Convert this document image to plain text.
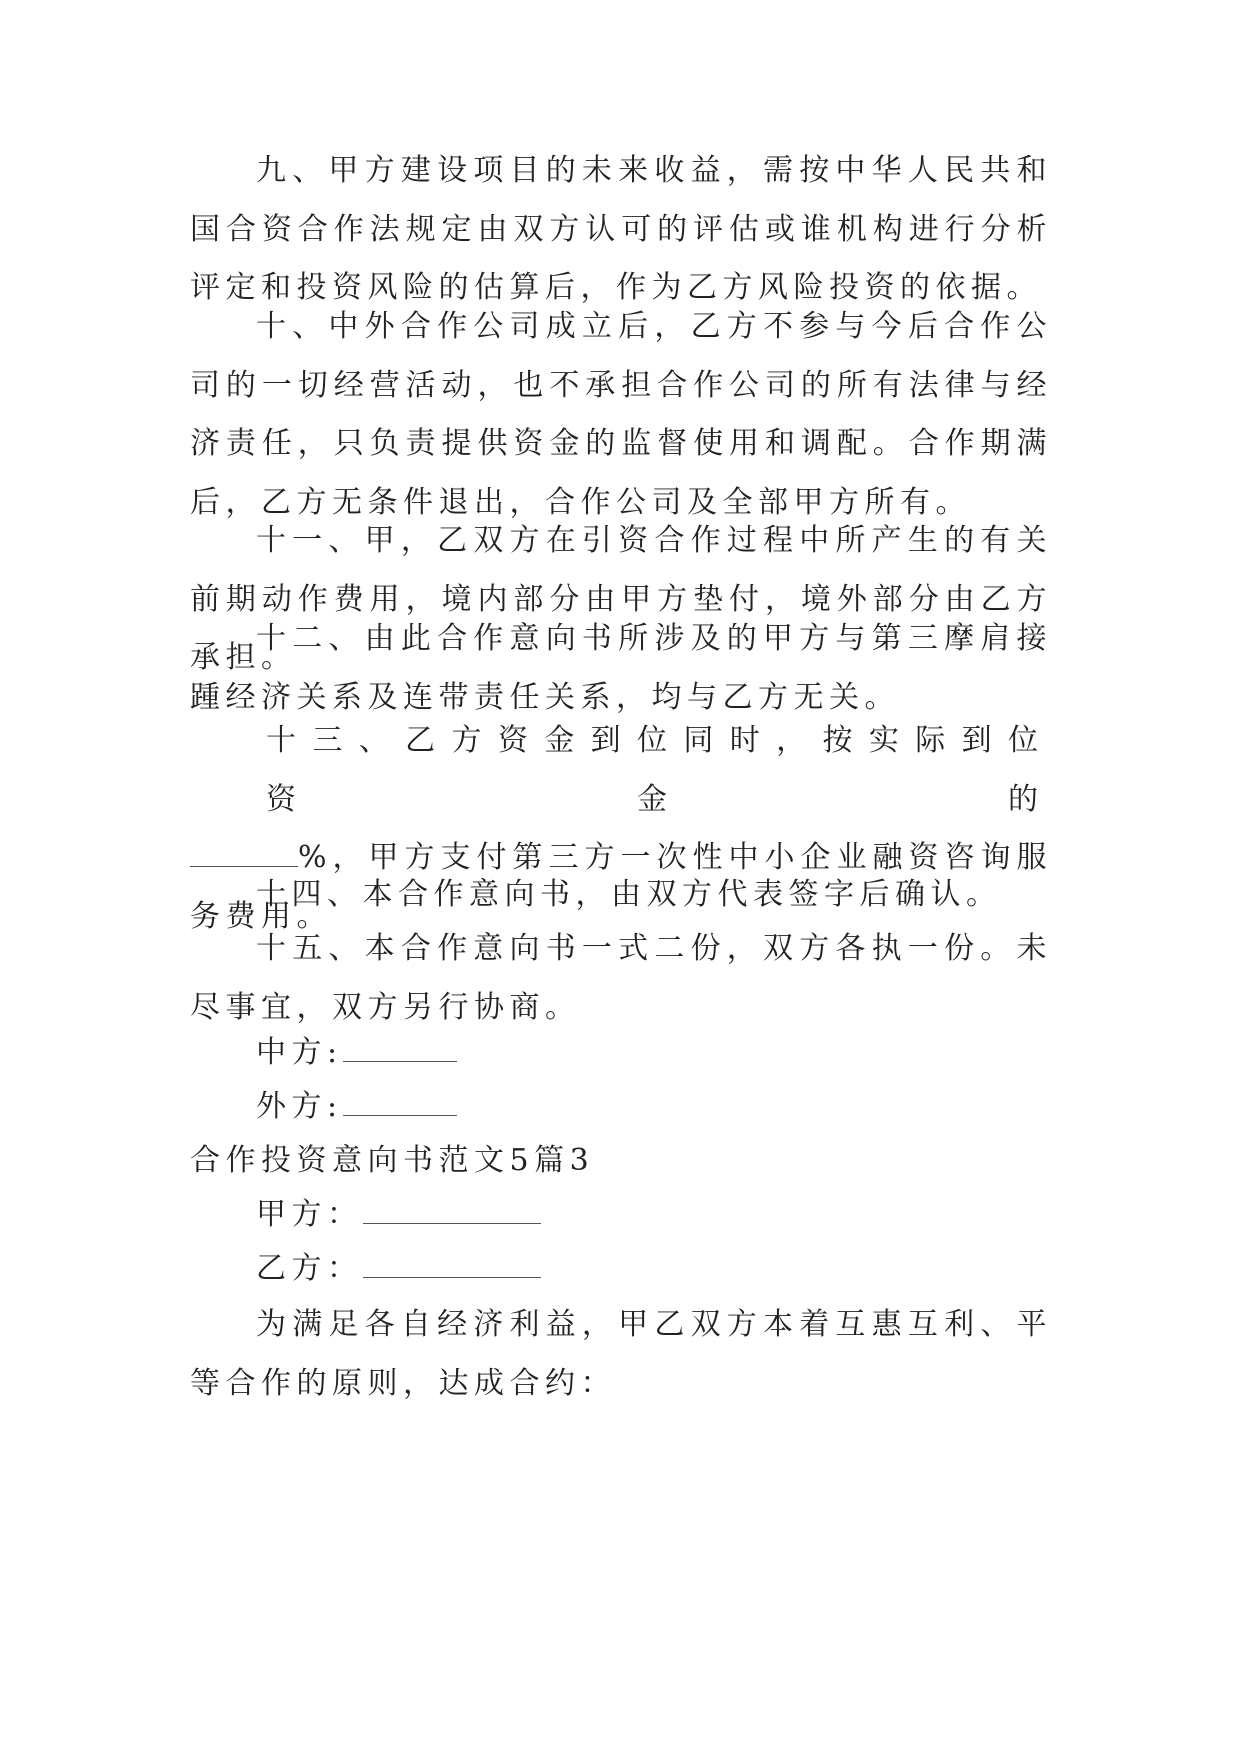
九、甲方建设项目的未来收益，需按中华人民共和国合资合作法规定由双方认可的评估或谁机构进行分析评定和投资风险的估算后，作为乙方风险投资的依据。

十、中外合作公司成立后，乙方不参与今后合作公司的一切经营活动，也不承担合作公司的所有法律与经济责任，只负责提供资金的监督使用和调配。合作期满后，乙方无条件退出，合作公司及全部甲方所有。

十一、甲，乙双方在引资合作过程中所产生的有关前期动作费用，境内部分由甲方垫付，境外部分由乙方承担。

十二、由此合作意向书所涉及的甲方与第三摩肩接踵经济关系及连带责任关系，均与乙方无关。

十三、乙方资金到位同时，按实际到位资金的
%，甲方支付第三方一次性中小企业融资咨询服务费用。

十四、本合作意向书，由双方代表签字后确认。

十五、本合作意向书一式二份，双方各执一份。未尽事宜，双方另行协商。

中方:
外方:
合作投资意向书范文5篇3
甲方：
乙方：

为满足各自经济利益，甲乙双方本着互惠互利、平等合作的原则，达成合约：
